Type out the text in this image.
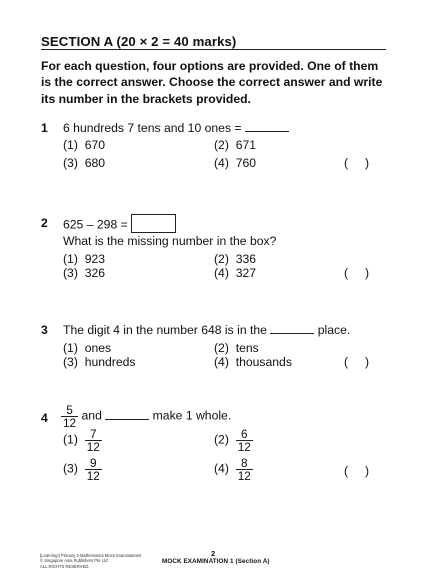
SECTION A (20 × 2 = 40 marks)
For each question, four options are provided. One of them is the correct answer. Choose the correct answer and write its number in the brackets provided.
1 6 hundreds 7 tens and 10 ones =
(1) 670	(2) 671
(3) 680	(4) 760	(     )
2 625 – 298 =
What is the missing number in the box?
(1) 923	(2) 336
(3) 326	(4) 327	(     )
3 The digit 4 in the number 648 is in the	place.
(1) ones	(2) tens
(3) hundreds	(4) thousands	(     )
$4 \frac{5}{12}$ and	make 1 whole.
$(1) \frac{7}{12}$	$(2) \frac{6}{12}$
$(3) \frac{9}{12}$	$(4) \frac{8}{12}$	(     )
[Learning!] Primary 2 Mathematics Mock Examinations
© Singapore Asia Publishers Pte Ltd
ALL RIGHTS RESERVED.
2
MOCK EXAMINATION 1 (Section A)
